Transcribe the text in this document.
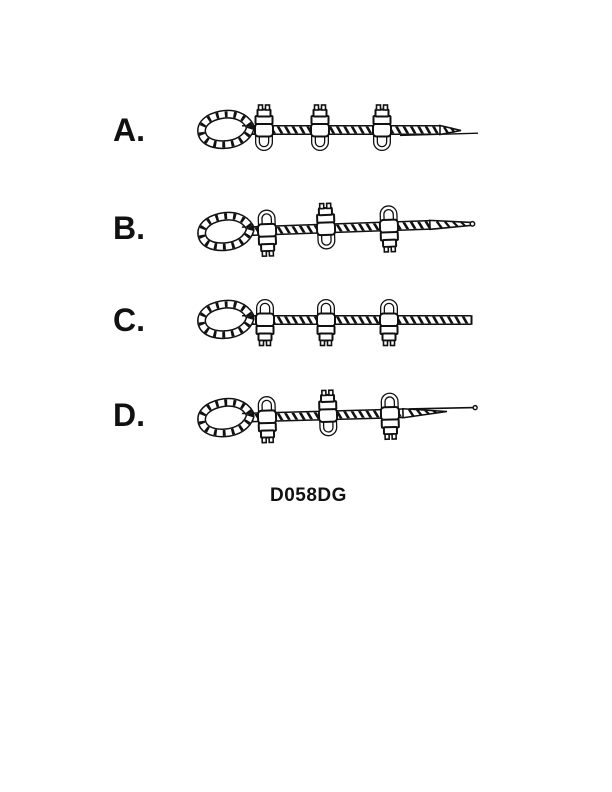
A.
B.
C.
D.
D058DG
